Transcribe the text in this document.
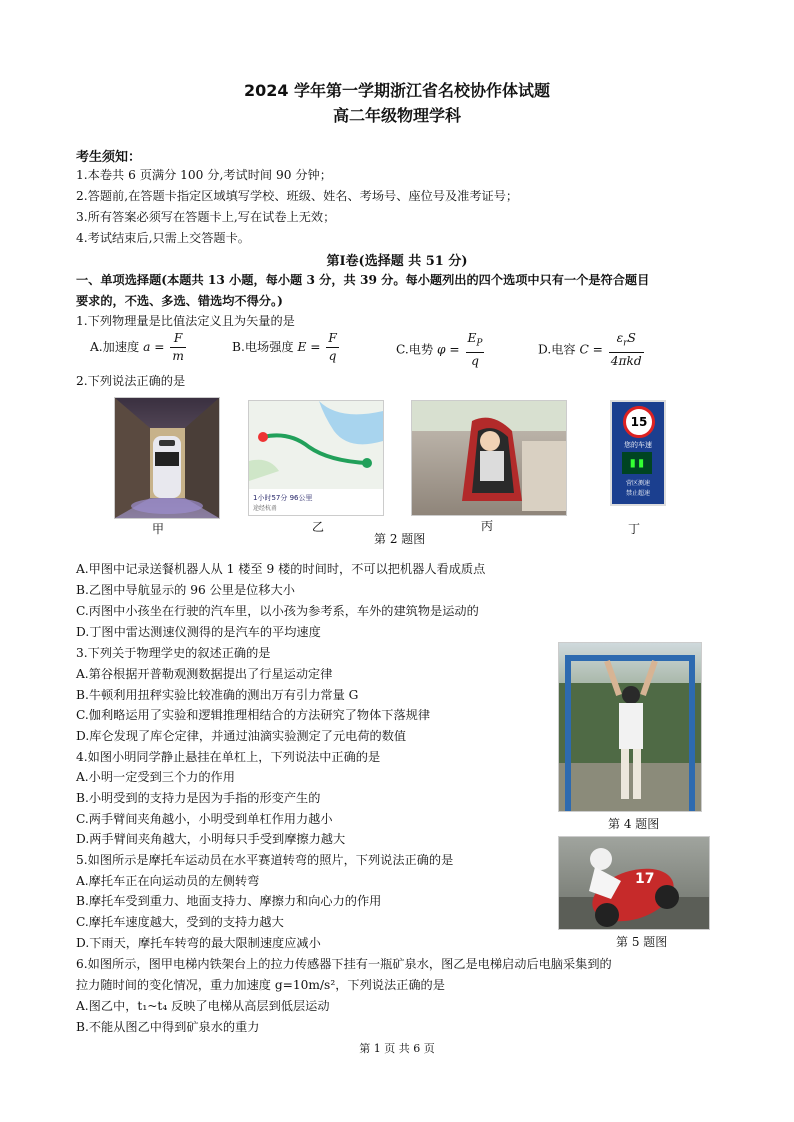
2024 学年第一学期浙江省名校协作体试题
高二年级物理学科
考生须知：
1.本卷共 6 页满分 100 分,考试时间 90 分钟；
2.答题前,在答题卡指定区域填写学校、班级、姓名、考场号、座位号及准考证号；
3.所有答案必须写在答题卡上,写在试卷上无效；
4.考试结束后,只需上交答题卡。
第Ⅰ卷(选择题 共 51 分)
一、单项选择题(本题共 13 小题，每小题 3 分，共 39 分。每小题列出的四个选项中只有一个是符合题目
要求的，不选、多选、错选均不得分。)
1.下列物理量是比值法定义且为矢量的是
A.加速度 $a = \frac{F}{m}$	B.电场强度 $E = \frac{F}{q}$	C.电势 $\varphi = \frac{E_P}{q}$	D.电容 $C = \frac{\varepsilon_rS}{\text{4πkd}}$
2.下列说法正确的是
甲
1小时57分 96公里
途经杭甬
乙	丙
15
您的车速
▮▮
营区测速
禁止超速
丁
第 2 题图
A.甲图中记录送餐机器人从 1 楼至 9 楼的时间时，不可以把机器人看成质点
B.乙图中导航显示的 96 公里是位移大小
C.丙图中小孩坐在行驶的汽车里，以小孩为参考系，车外的建筑物是运动的
D.丁图中雷达测速仪测得的是汽车的平均速度
3.下列关于物理学史的叙述正确的是
A.第谷根据开普勒观测数据提出了行星运动定律
B.牛顿利用扭秤实验比较准确的测出万有引力常量 G
C.伽利略运用了实验和逻辑推理相结合的方法研究了物体下落规律
D.库仑发现了库仑定律，并通过油滴实验测定了元电荷的数值
第 4 题图
4.如图小明同学静止悬挂在单杠上，下列说法中正确的是
A.小明一定受到三个力的作用
B.小明受到的支持力是因为手指的形变产生的
C.两手臂间夹角越小，小明受到单杠作用力越小
D.两手臂间夹角越大，小明每只手受到摩擦力越大
17
第 5 题图
5.如图所示是摩托车运动员在水平赛道转弯的照片，下列说法正确的是
A.摩托车正在向运动员的左侧转弯
B.摩托车受到重力、地面支持力、摩擦力和向心力的作用
C.摩托车速度越大，受到的支持力越大
D.下雨天，摩托车转弯的最大限制速度应减小
6.如图所示，图甲电梯内铁架台上的拉力传感器下挂有一瓶矿泉水，图乙是电梯启动后电脑采集到的
拉力随时间的变化情况，重力加速度 g=10m/s²，下列说法正确的是
A.图乙中，t₁~t₄ 反映了电梯从高层到低层运动
B.不能从图乙中得到矿泉水的重力
第 1 页 共 6 页
